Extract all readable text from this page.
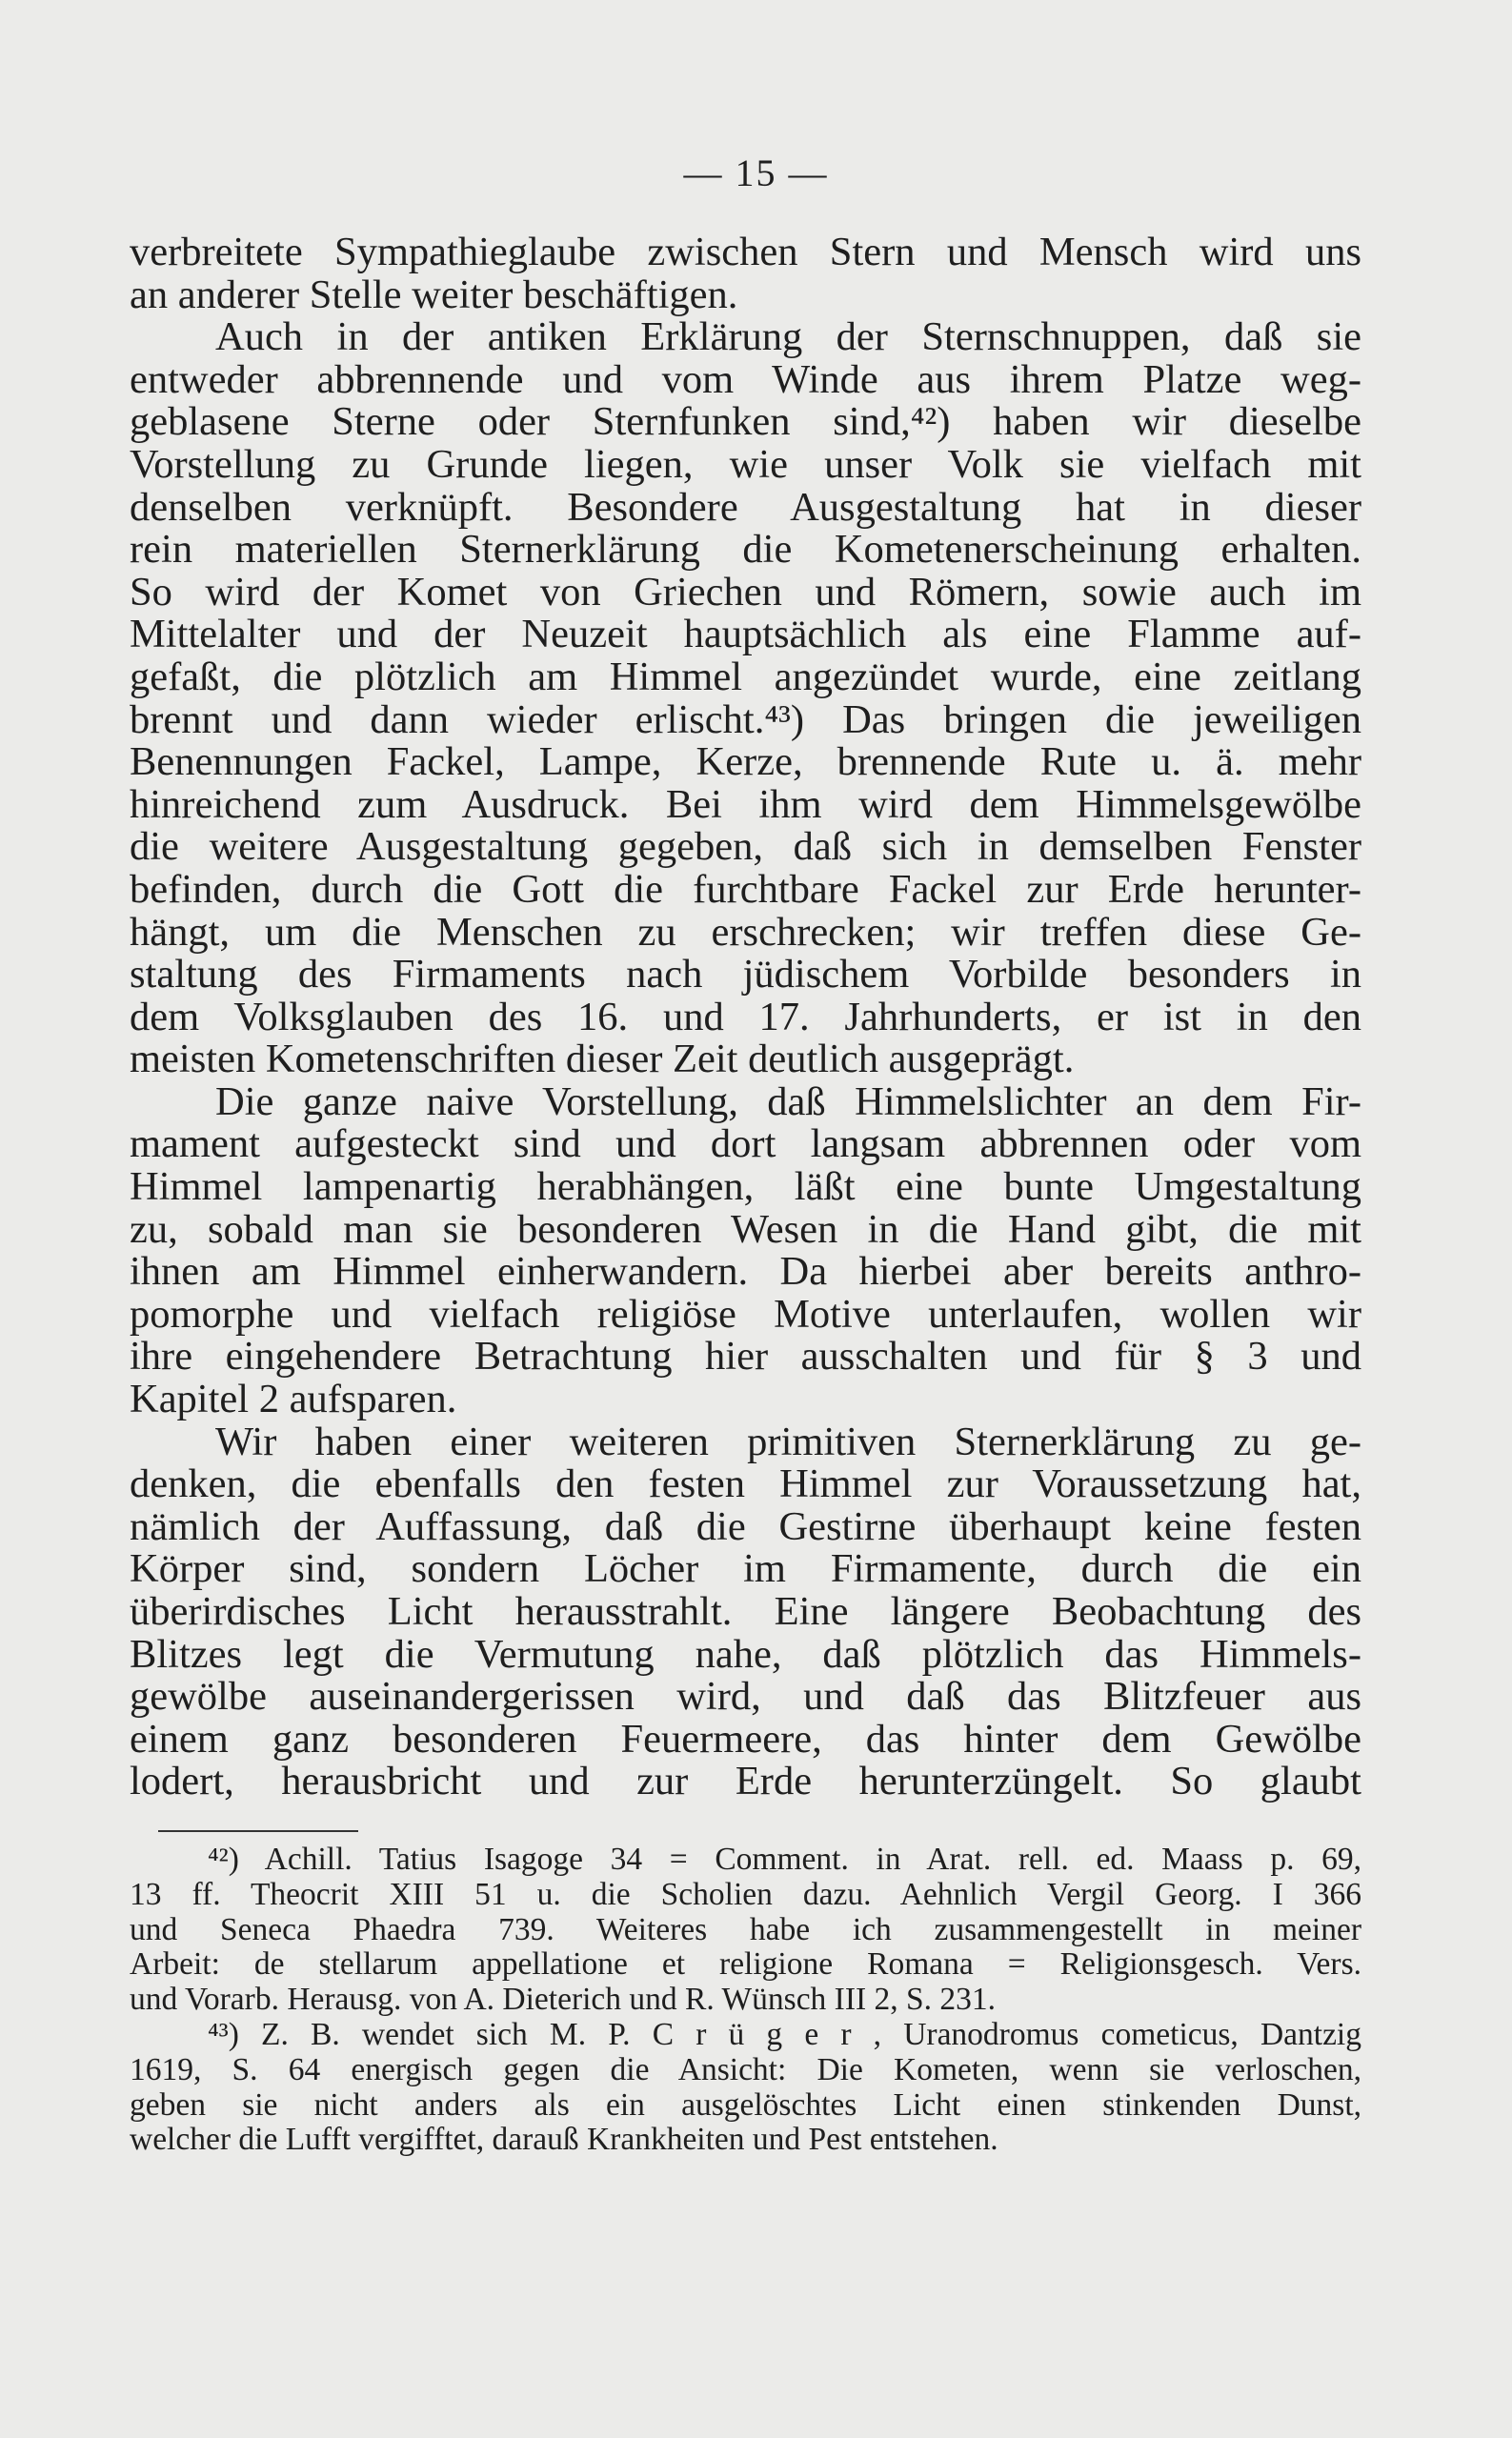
— 15 —
verbreitete Sympathieglaube zwischen Stern und Mensch wird uns
an anderer Stelle weiter beschäftigen.
Auch in der antiken Erklärung der Sternschnuppen, daß sie
entweder abbrennende und vom Winde aus ihrem Platze weg-
geblasene Sterne oder Sternfunken sind,⁴²) haben wir dieselbe
Vorstellung zu Grunde liegen, wie unser Volk sie vielfach mit
denselben verknüpft. Besondere Ausgestaltung hat in dieser
rein materiellen Sternerklärung die Kometenerscheinung erhalten.
So wird der Komet von Griechen und Römern, sowie auch im
Mittelalter und der Neuzeit hauptsächlich als eine Flamme auf-
gefaßt, die plötzlich am Himmel angezündet wurde, eine zeitlang
brennt und dann wieder erlischt.⁴³) Das bringen die jeweiligen
Benennungen Fackel, Lampe, Kerze, brennende Rute u. ä. mehr
hinreichend zum Ausdruck. Bei ihm wird dem Himmelsgewölbe
die weitere Ausgestaltung gegeben, daß sich in demselben Fenster
befinden, durch die Gott die furchtbare Fackel zur Erde herunter-
hängt, um die Menschen zu erschrecken; wir treffen diese Ge-
staltung des Firmaments nach jüdischem Vorbilde besonders in
dem Volksglauben des 16. und 17. Jahrhunderts, er ist in den
meisten Kometenschriften dieser Zeit deutlich ausgeprägt.
Die ganze naive Vorstellung, daß Himmelslichter an dem Fir-
mament aufgesteckt sind und dort langsam abbrennen oder vom
Himmel lampenartig herabhängen, läßt eine bunte Umgestaltung
zu, sobald man sie besonderen Wesen in die Hand gibt, die mit
ihnen am Himmel einherwandern. Da hierbei aber bereits anthro-
pomorphe und vielfach religiöse Motive unterlaufen, wollen wir
ihre eingehendere Betrachtung hier ausschalten und für § 3 und
Kapitel 2 aufsparen.
Wir haben einer weiteren primitiven Sternerklärung zu ge-
denken, die ebenfalls den festen Himmel zur Voraussetzung hat,
nämlich der Auffassung, daß die Gestirne überhaupt keine festen
Körper sind, sondern Löcher im Firmamente, durch die ein
überirdisches Licht herausstrahlt. Eine längere Beobachtung des
Blitzes legt die Vermutung nahe, daß plötzlich das Himmels-
gewölbe auseinandergerissen wird, und daß das Blitzfeuer aus
einem ganz besonderen Feuermeere, das hinter dem Gewölbe
lodert, herausbricht und zur Erde herunterzüngelt. So glaubt
⁴²) Achill. Tatius Isagoge 34 = Comment. in Arat. rell. ed. Maass p. 69,
13 ff. Theocrit XIII 51 u. die Scholien dazu. Aehnlich Vergil Georg. I 366
und Seneca Phaedra 739. Weiteres habe ich zusammengestellt in meiner
Arbeit: de stellarum appellatione et religione Romana = Religionsgesch. Vers.
und Vorarb. Herausg. von A. Dieterich und R. Wünsch III 2, S. 231.
⁴³) Z. B. wendet sich M. P. C r ü g e r , Uranodromus cometicus, Dantzig
1619, S. 64 energisch gegen die Ansicht: Die Kometen, wenn sie verloschen,
geben sie nicht anders als ein ausgelöschtes Licht einen stinkenden Dunst,
welcher die Lufft vergifftet, darauß Krankheiten und Pest entstehen.
